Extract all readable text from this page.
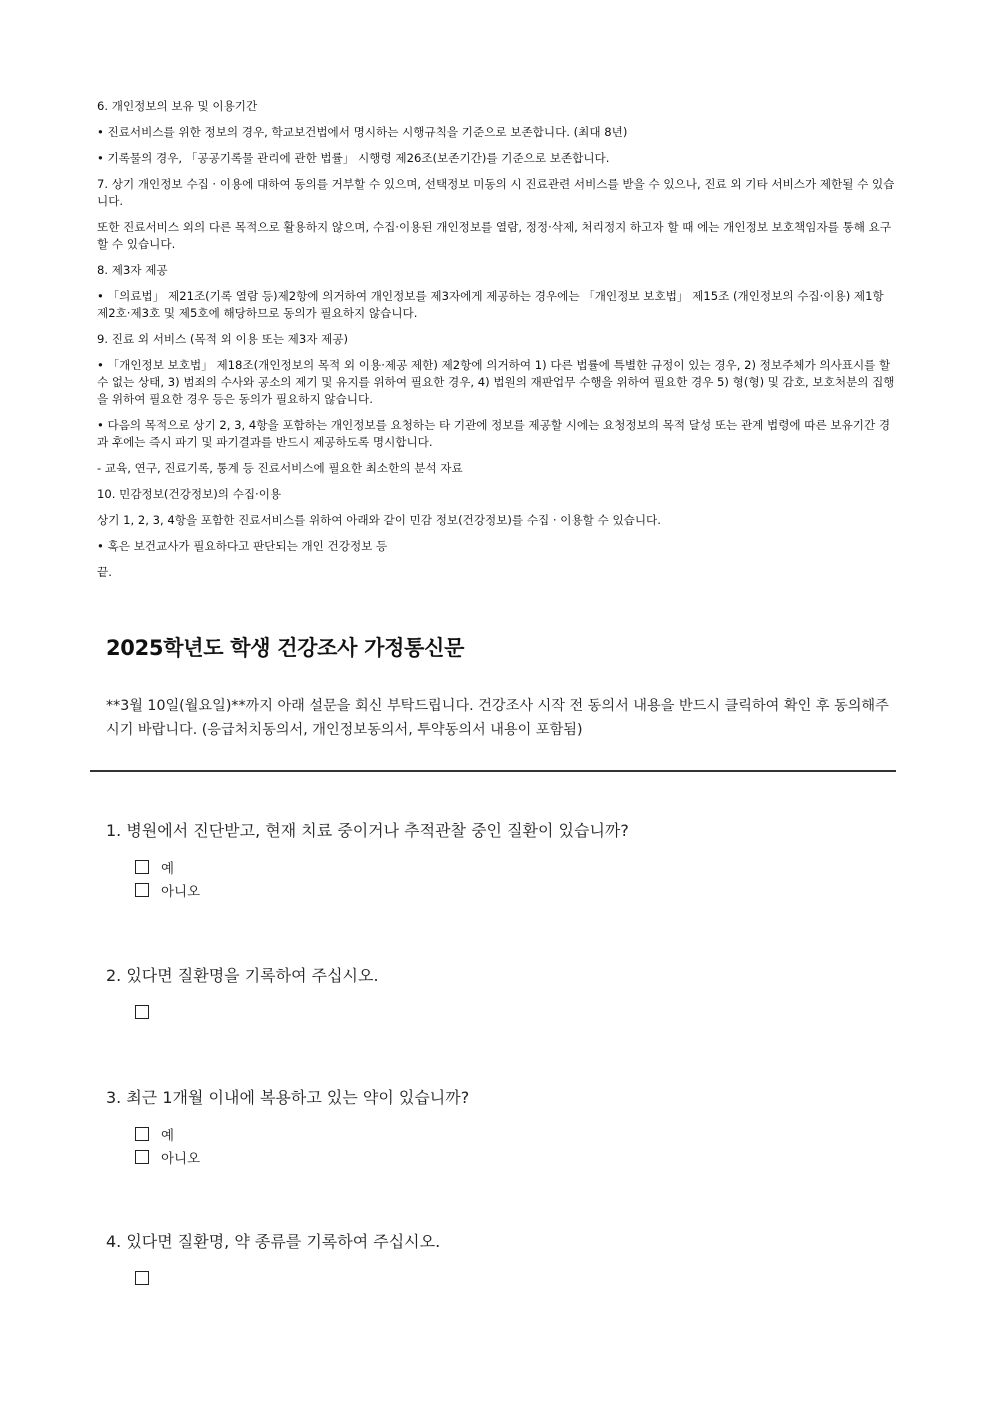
6. 개인정보의 보유 및 이용기간

• 진료서비스를 위한 정보의 경우, 학교보건법에서 명시하는 시행규칙을 기준으로 보존합니다. (최대 8년)

• 기록물의 경우, 「공공기록물 관리에 관한 법률」 시행령 제26조(보존기간)를 기준으로 보존합니다.

7. 상기 개인정보 수집 · 이용에 대하여 동의를 거부할 수 있으며, 선택정보 미동의 시 진료관련 서비스를 받을 수 있으나, 진료 외 기타 서비스가 제한될 수 있습니다.

또한 진료서비스 외의 다른 목적으로 활용하지 않으며, 수집·이용된 개인정보를 열람, 정정·삭제, 처리정지 하고자 할 때 에는 개인정보 보호책임자를 통해 요구할 수 있습니다.

8. 제3자 제공

• 「의료법」 제21조(기록 열람 등)제2항에 의거하여 개인정보를 제3자에게 제공하는 경우에는 「개인정보 보호법」 제15조 (개인정보의 수집·이용) 제1항 제2호·제3호 및 제5호에 해당하므로 동의가 필요하지 않습니다.

9. 진료 외 서비스 (목적 외 이용 또는 제3자 제공)

• 「개인정보 보호법」 제18조(개인정보의 목적 외 이용·제공 제한) 제2항에 의거하여 1) 다른 법률에 특별한 규정이 있는 경우, 2) 정보주체가 의사표시를 할 수 없는 상태, 3) 범죄의 수사와 공소의 제기 및 유지를 위하여 필요한 경우, 4) 법원의 재판업무 수행을 위하여 필요한 경우 5) 형(형) 및 감호, 보호처분의 집행을 위하여 필요한 경우 등은 동의가 필요하지 않습니다.

• 다음의 목적으로 상기 2, 3, 4항을 포함하는 개인정보를 요청하는 타 기관에 정보를 제공할 시에는 요청정보의 목적 달성 또는 관계 법령에 따른 보유기간 경과 후에는 즉시 파기 및 파기결과를 반드시 제공하도록 명시합니다.

- 교육, 연구, 진료기록, 통계 등 진료서비스에 필요한 최소한의 분석 자료

10. 민감정보(건강정보)의 수집·이용

상기 1, 2, 3, 4항을 포함한 진료서비스를 위하여 아래와 같이 민감 정보(건강정보)를 수집 · 이용할 수 있습니다.

• 혹은 보건교사가 필요하다고 판단되는 개인 건강정보 등

끝.

2025학년도 학생 건강조사 가정통신문

**3월 10일(월요일)**까지 아래 설문을 회신 부탁드립니다. 건강조사 시작 전 동의서 내용을 반드시 클릭하여 확인 후 동의해주시기 바랍니다. (응급처치동의서, 개인정보동의서, 투약동의서 내용이 포함됨)

1. 병원에서 진단받고, 현재 치료 중이거나 추적관찰 중인 질환이 있습니까?

예
아니오

2. 있다면 질환명을 기록하여 주십시오.

3. 최근 1개월 이내에 복용하고 있는 약이 있습니까?

예
아니오

4. 있다면 질환명, 약 종류를 기록하여 주십시오.
